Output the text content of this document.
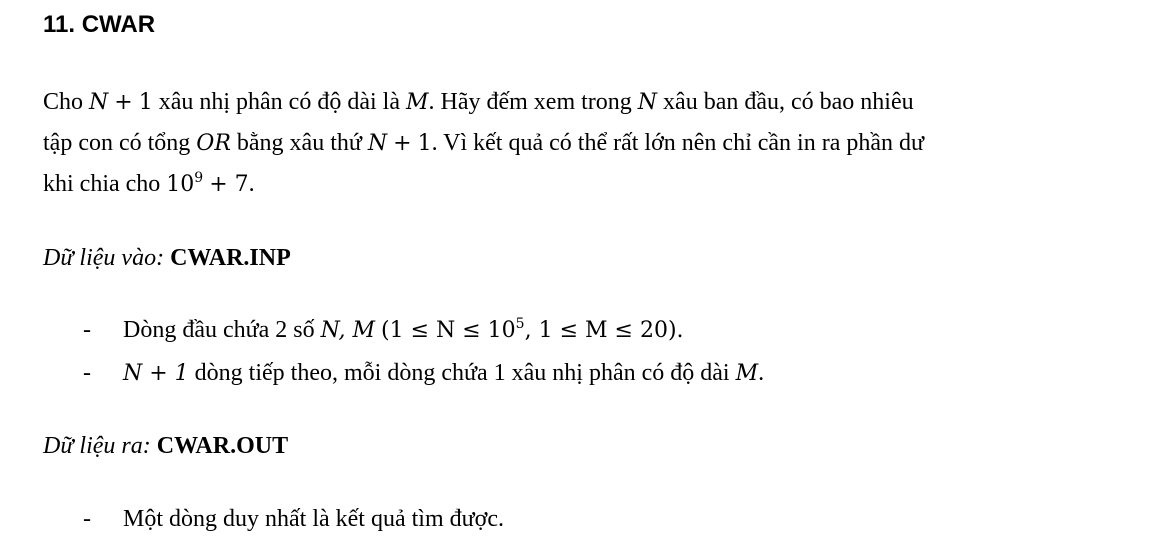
11. CWAR
Cho N + 1 xâu nhị phân có độ dài là M. Hãy đếm xem trong N xâu ban đầu, có bao nhiêu
tập con có tổng OR bằng xâu thứ N + 1. Vì kết quả có thể rất lớn nên chỉ cần in ra phần dư
khi chia cho $10^9 + 7$.
Dữ liệu vào: CWAR.INP
- Dòng đầu chứa 2 số N, M ($1 \le N \le 10^5$, 1 ≤ M ≤ 20).
- N + 1 dòng tiếp theo, mỗi dòng chứa 1 xâu nhị phân có độ dài M.
Dữ liệu ra: CWAR.OUT
- Một dòng duy nhất là kết quả tìm được.
